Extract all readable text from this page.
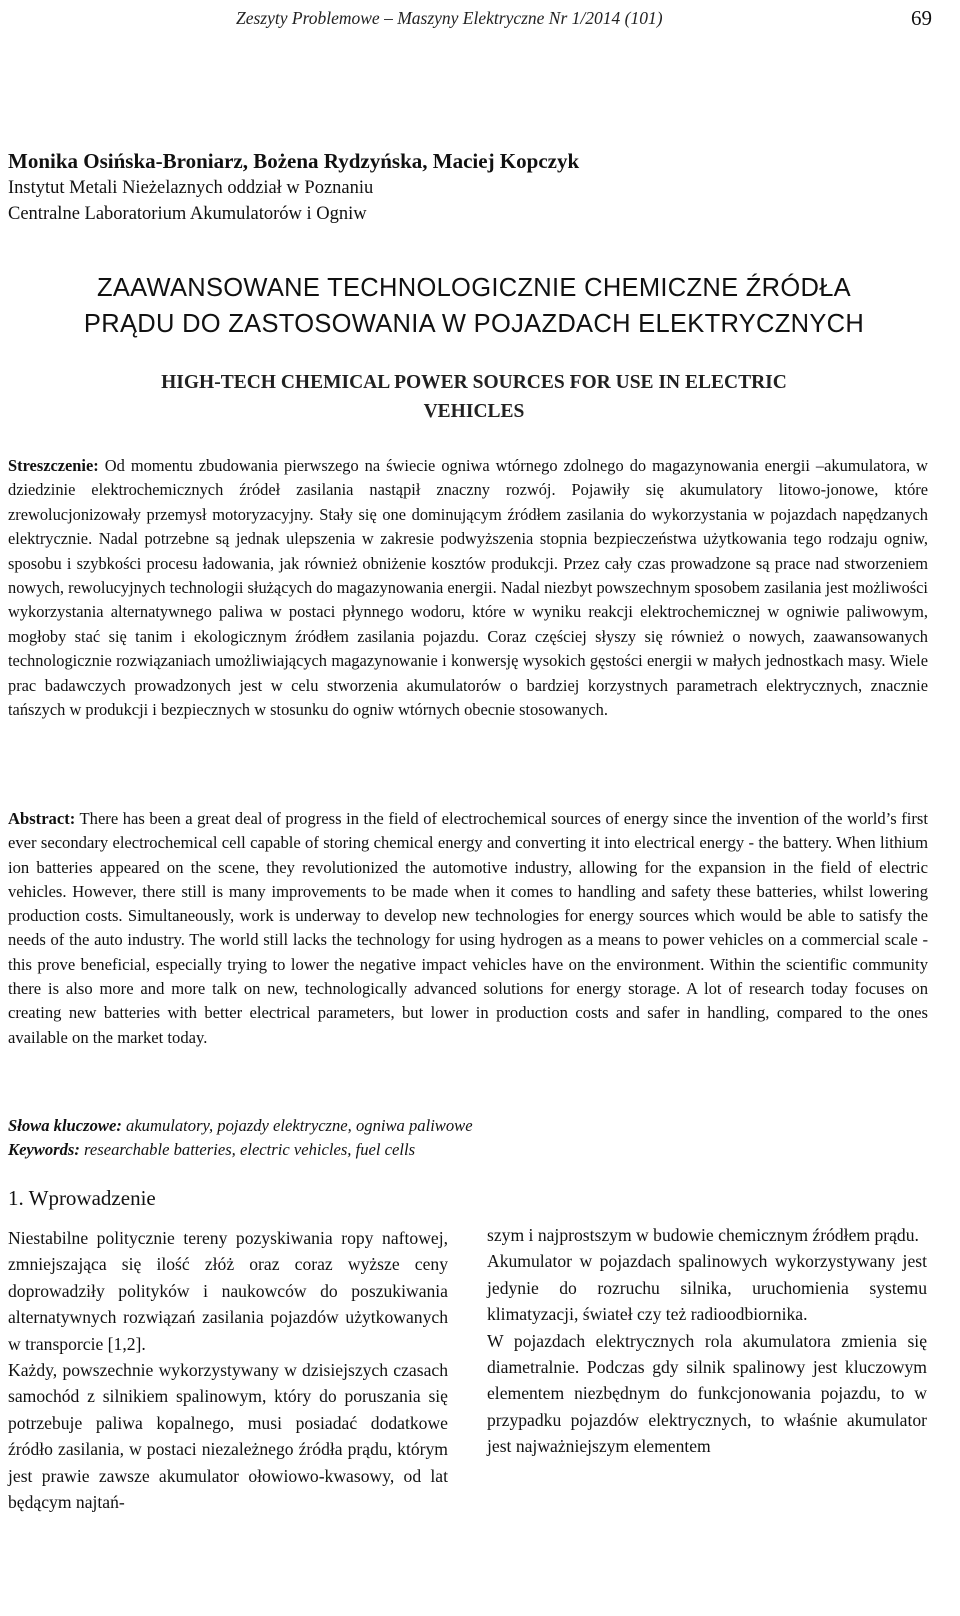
Zeszyty Problemowe – Maszyny Elektryczne Nr 1/2014 (101)	69
Monika Osińska-Broniarz, Bożena Rydzyńska, Maciej Kopczyk
Instytut Metali Nieżelaznych oddział w Poznaniu
Centralne Laboratorium Akumulatorów i Ogniw
ZAAWANSOWANE TECHNOLOGICZNIE CHEMICZNE ŹRÓDŁA
PRĄDU DO ZASTOSOWANIA W POJAZDACH ELEKTRYCZNYCH
HIGH-TECH CHEMICAL POWER SOURCES FOR USE IN ELECTRIC
VEHICLES

Streszczenie: Od momentu zbudowania pierwszego na świecie ogniwa wtórnego zdolnego do magazynowania energii –akumulatora, w dziedzinie elektrochemicznych źródeł zasilania nastąpił znaczny rozwój. Pojawiły się akumulatory litowo-jonowe, które zrewolucjonizowały przemysł motoryzacyjny. Stały się one dominującym źródłem zasilania do wykorzystania w pojazdach napędzanych elektrycznie. Nadal potrzebne są jednak ulepszenia w zakresie podwyższenia stopnia bezpieczeństwa użytkowania tego rodzaju ogniw, sposobu i szybkości procesu ładowania, jak również obniżenie kosztów produkcji. Przez cały czas prowadzone są prace nad stworzeniem nowych, rewolucyjnych technologii służących do magazynowania energii. Nadal niezbyt powszechnym sposobem zasilania jest możliwości wykorzystania alternatywnego paliwa w postaci płynnego wodoru, które w wyniku reakcji elektrochemicznej w ogniwie paliwowym, mogłoby stać się tanim i ekologicznym źródłem zasilania pojazdu. Coraz częściej słyszy się również o nowych, zaawansowanych technologicznie rozwiązaniach umożliwiających magazynowanie i konwersję wysokich gęstości energii w małych jednostkach masy. Wiele prac badawczych prowadzonych jest w celu stworzenia akumulatorów o bardziej korzystnych parametrach elektrycznych, znacznie tańszych w produkcji i bezpiecznych w stosunku do ogniw wtórnych obecnie stosowanych.

Abstract: There has been a great deal of progress in the field of electrochemical sources of energy since the invention of the world’s first ever secondary electrochemical cell capable of storing chemical energy and converting it into electrical energy - the battery. When lithium ion batteries appeared on the scene, they revolutionized the automotive industry, allowing for the expansion in the field of electric vehicles. However, there still is many improvements to be made when it comes to handling and safety these batteries, whilst lowering production costs. Simultaneously, work is underway to develop new technologies for energy sources which would be able to satisfy the needs of the auto industry. The world still lacks the technology for using hydrogen as a means to power vehicles on a commercial scale - this prove beneficial, especially trying to lower the negative impact vehicles have on the environment. Within the scientific community there is also more and more talk on new, technologically advanced solutions for energy storage. A lot of research today focuses on creating new batteries with better electrical parameters, but lower in production costs and safer in handling, compared to the ones available on the market today.

Słowa kluczowe: akumulatory, pojazdy elektryczne, ogniwa paliwowe

Keywords: researchable batteries, electric vehicles, fuel cells

1. Wprowadzenie

Niestabilne politycznie tereny pozyskiwania ropy naftowej, zmniejszająca się ilość złóż oraz coraz wyższe ceny doprowadziły polityków i naukowców do poszukiwania alternatywnych rozwiązań zasilania pojazdów użytkowanych w transporcie [1,2].

Każdy, powszechnie wykorzystywany w dzisiejszych czasach samochód z silnikiem spalinowym, który do poruszania się potrzebuje paliwa kopalnego, musi posiadać dodatkowe źródło zasilania, w postaci niezależnego źródła prądu, którym jest prawie zawsze akumulator ołowiowo-kwasowy, od lat będącym najtań-

szym i najprostszym w budowie chemicznym źródłem prądu.

Akumulator w pojazdach spalinowych wykorzystywany jest jedynie do rozruchu silnika, uruchomienia systemu klimatyzacji, świateł czy też radioodbiornika.

W pojazdach elektrycznych rola akumulatora zmienia się diametralnie. Podczas gdy silnik spalinowy jest kluczowym elementem niezbędnym do funkcjonowania pojazdu, to w przypadku pojazdów elektrycznych, to właśnie akumulator jest najważniejszym elementem
